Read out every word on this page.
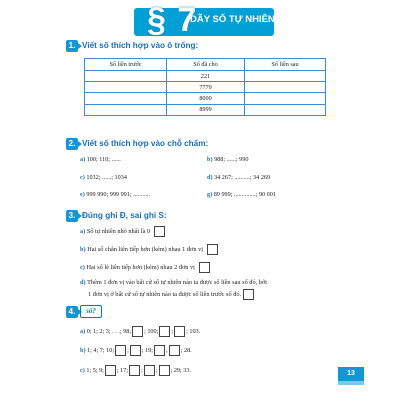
§ 7
DÃY SỐ TỰ NHIÊN
1. Viết số thích hợp vào ô trống:
Số liền trước	Số đã cho	Số liền sau
	221	
	7779	
	8000	
	8999	
2. Viết số thích hợp vào chỗ chấm:
a) 100; 110; ......	b) 988; ......; 990
c) 1032; ......; 1034	d) 34 267; ..........; 34 269
e) 999 990; 999 991; ...........	g) 89 999; ..............; 90 001
3. Đúng ghi Đ, sai ghi S:
a) Số tự nhiên nhỏ nhất là 0
b) Hai số chẵn liên tiếp hơn (kém) nhau 1 đơn vị
c) Hai số lẻ liên tiếp hơn (kém) nhau 2 đơn vị
d) Thêm 1 đơn vị vào bất cứ số tự nhiên nào ta được số liền sau số đó, bớt
1 đơn vị ở bất cứ số tự nhiên nào ta được số liền trước số đó.
4.	số?
a) 0; 1; 2; 3; . . .; 98; ; 100; ; ; 103.
b) 1; 4; 7; 10; ; ; 19; ; ; 28.
c) 1; 5; 9; ; 17; ; ; ; 29; 33.	13
